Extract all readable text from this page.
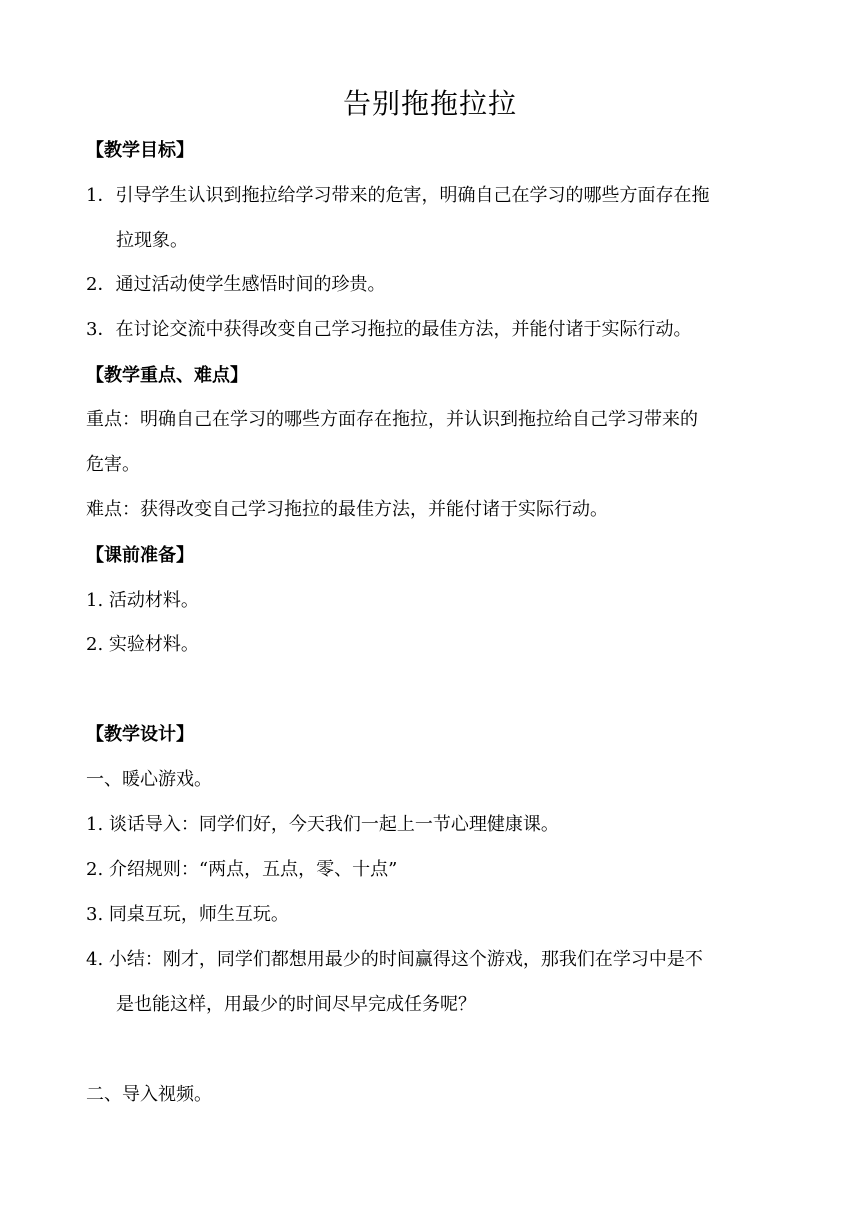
告别拖拖拉拉
【教学目标】
1．引导学生认识到拖拉给学习带来的危害，明确自己在学习的哪些方面存在拖
拉现象。
2．通过活动使学生感悟时间的珍贵。
3．在讨论交流中获得改变自己学习拖拉的最佳方法，并能付诸于实际行动。
【教学重点、难点】
重点：明确自己在学习的哪些方面存在拖拉，并认识到拖拉给自己学习带来的
危害。
难点：获得改变自己学习拖拉的最佳方法，并能付诸于实际行动。
【课前准备】
1. 活动材料。
2. 实验材料。
【教学设计】
一、暖心游戏。
1. 谈话导入：同学们好，今天我们一起上一节心理健康课。
2. 介绍规则：“两点，五点，零、十点”
3. 同桌互玩，师生互玩。
4. 小结：刚才，同学们都想用最少的时间赢得这个游戏，那我们在学习中是不
是也能这样，用最少的时间尽早完成任务呢？
二、导入视频。
